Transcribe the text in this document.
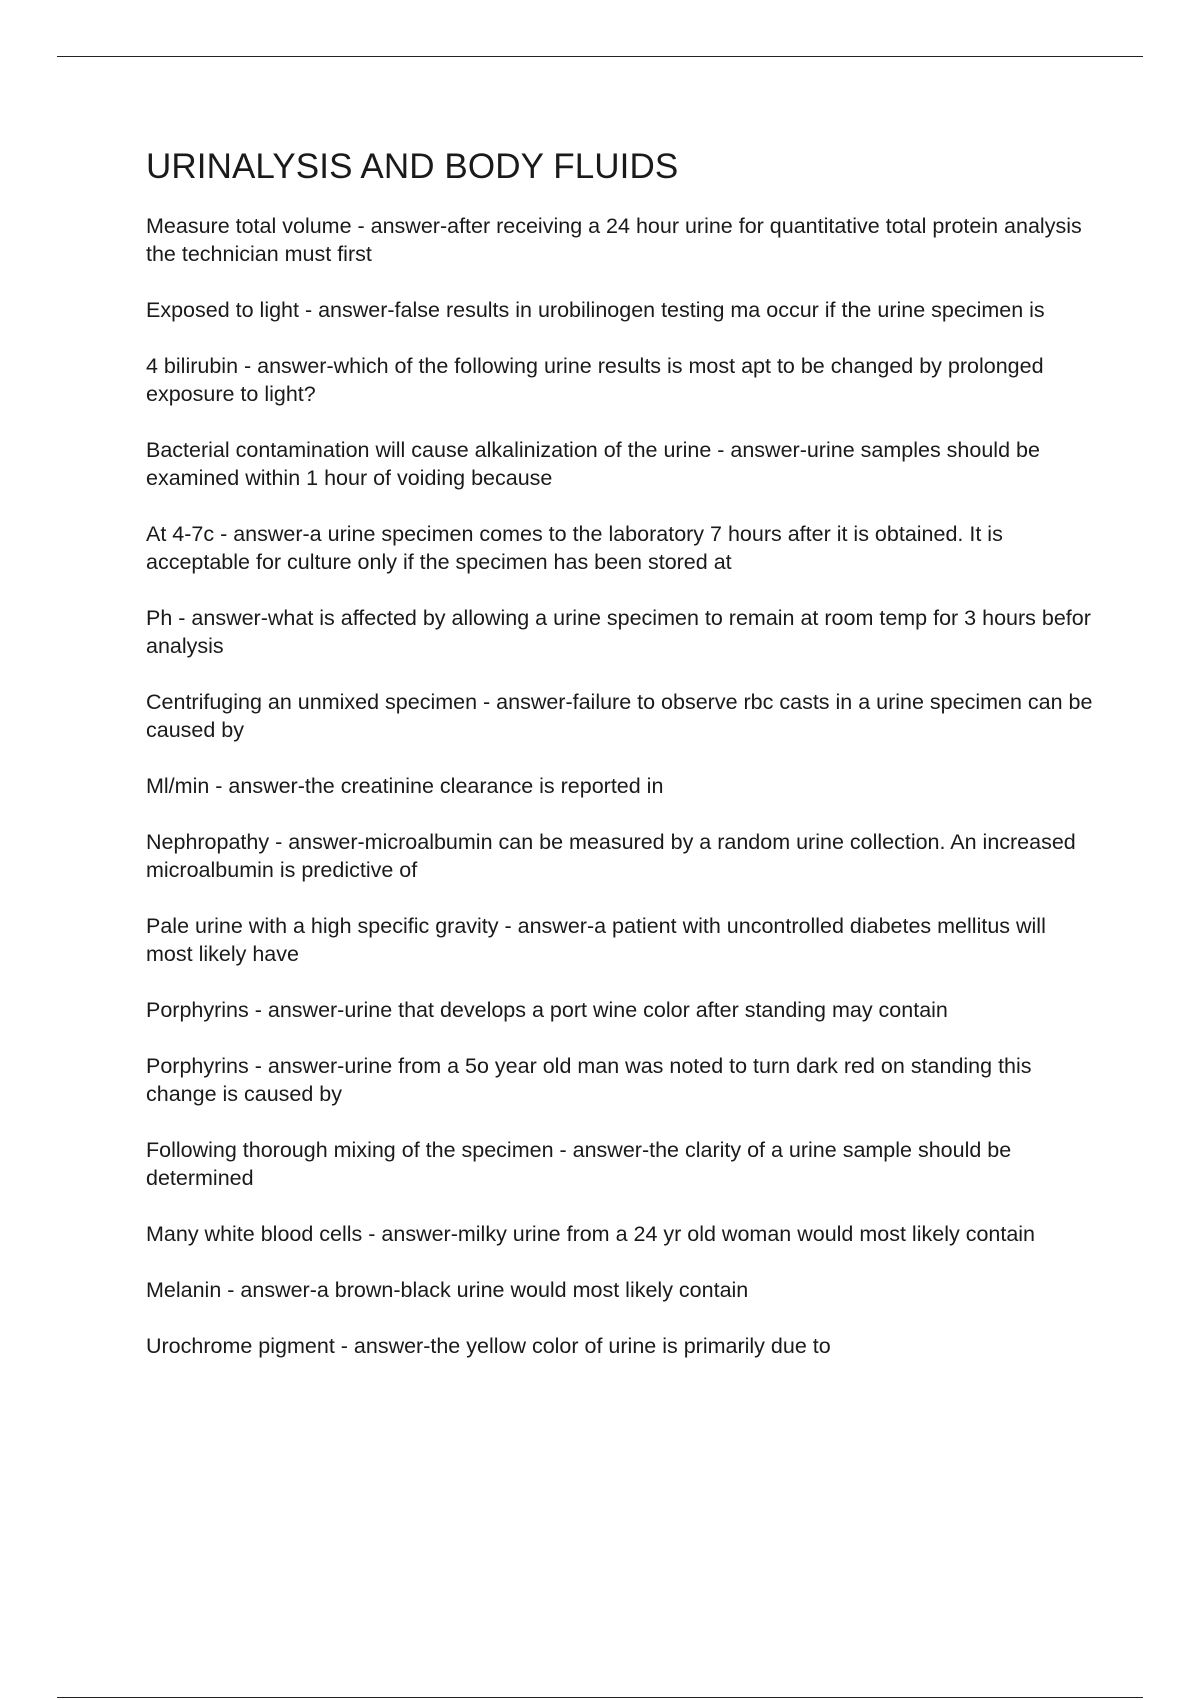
URINALYSIS AND BODY FLUIDS
Measure total volume - answer-after receiving a 24 hour urine for quantitative total protein analysis the technician must first
Exposed to light - answer-false results in urobilinogen testing ma occur if the urine specimen is
4 bilirubin - answer-which of the following urine results is most apt to be changed by prolonged exposure to light?
Bacterial contamination will cause alkalinization of the urine - answer-urine samples should be examined within 1 hour of voiding because
At 4-7c - answer-a urine specimen comes to the laboratory 7 hours after it is obtained. It is acceptable for culture only if the specimen has been stored at
Ph - answer-what is affected by allowing a urine specimen to remain at room temp for 3 hours befor analysis
Centrifuging an unmixed specimen - answer-failure to observe rbc casts in a urine specimen can be caused by
Ml/min - answer-the creatinine clearance is reported in
Nephropathy - answer-microalbumin can be measured by a random urine collection. An increased microalbumin is predictive of
Pale urine with a high specific gravity - answer-a patient with uncontrolled diabetes mellitus will most likely have
Porphyrins - answer-urine that develops a port wine color after standing may contain
Porphyrins - answer-urine from a 5o year old man was noted to turn dark red on standing this change is caused by
Following thorough mixing of the specimen - answer-the clarity of a urine sample should be determined
Many white blood cells - answer-milky urine from a 24 yr old woman would most likely contain
Melanin - answer-a brown-black urine would most likely contain
Urochrome pigment - answer-the yellow color of urine is primarily due to
